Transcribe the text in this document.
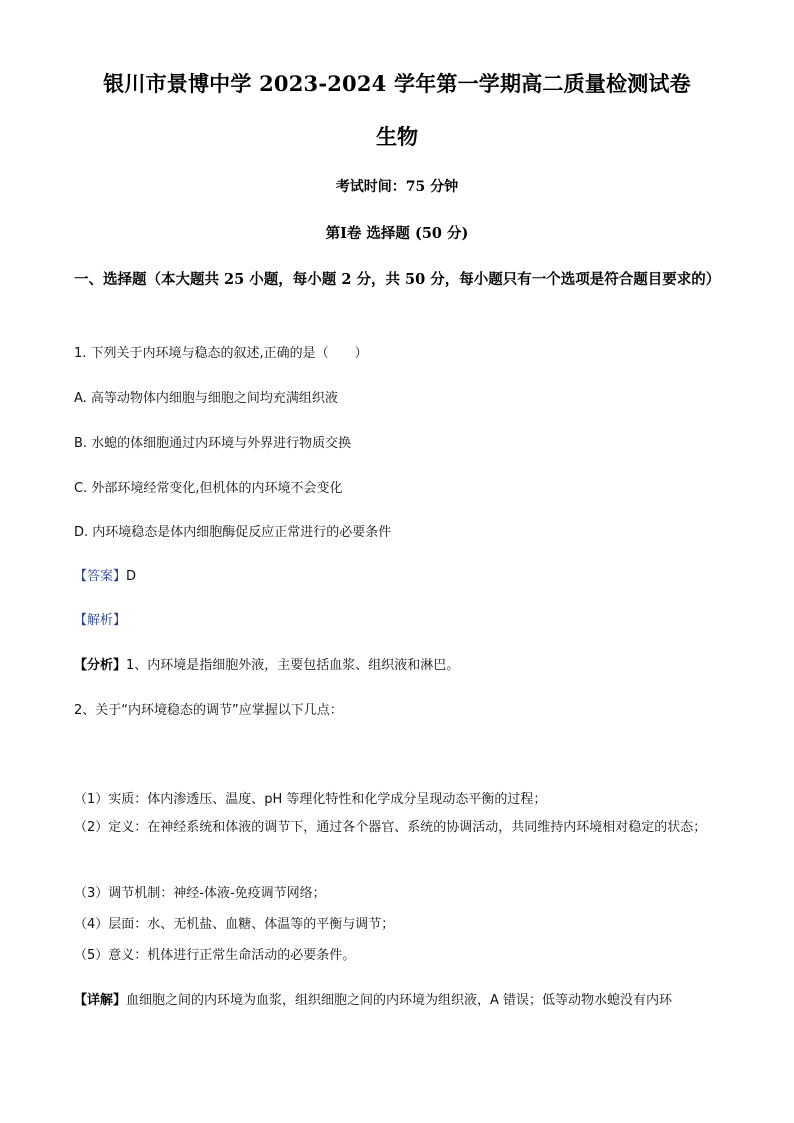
银川市景博中学 2023-2024 学年第一学期高二质量检测试卷
生物
考试时间：75 分钟
第Ⅰ卷 选择题 (50 分)
一、选择题（本大题共 25 小题，每小题 2 分，共 50 分，每小题只有一个选项是符合题目要求的）
1. 下列关于内环境与稳态的叙述,正确的是（　　）
A. 高等动物体内细胞与细胞之间均充满组织液
B. 水螅的体细胞通过内环境与外界进行物质交换
C. 外部环境经常变化,但机体的内环境不会变化
D. 内环境稳态是体内细胞酶促反应正常进行的必要条件
【答案】D
【解析】
【分析】1、内环境是指细胞外液，主要包括血浆、组织液和淋巴。
2、关于“内环境稳态的调节”应掌握以下几点：
（1）实质：体内渗透压、温度、pH 等理化特性和化学成分呈现动态平衡的过程；
（2）定义：在神经系统和体液的调节下，通过各个器官、系统的协调活动，共同维持内环境相对稳定的状态；
（3）调节机制：神经-体液-免疫调节网络；
（4）层面：水、无机盐、血糖、体温等的平衡与调节；
（5）意义：机体进行正常生命活动的必要条件。
【详解】血细胞之间的内环境为血浆，组织细胞之间的内环境为组织液，A 错误；低等动物水螅没有内环
